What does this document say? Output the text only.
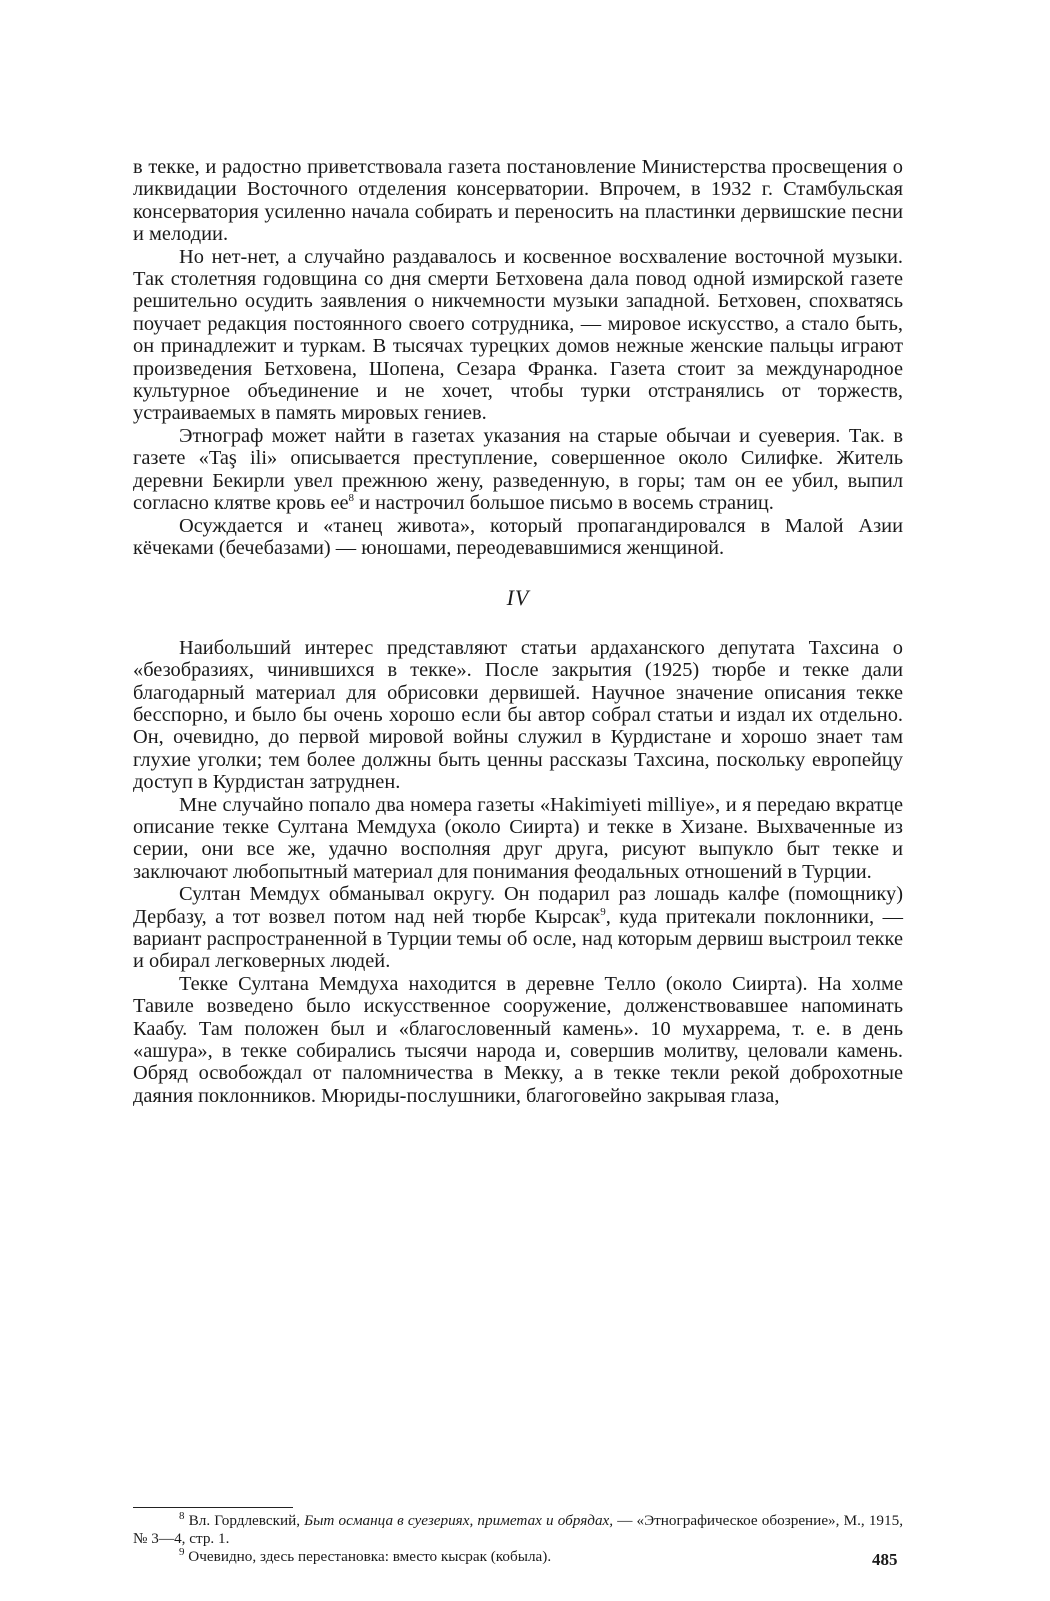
в текке, и радостно приветствовала газета постановление Министерства просвещения о ликвидации Восточного отделения консерватории. Впрочем, в 1932 г. Стамбульская консерватория усиленно начала собирать и переносить на пластинки дервишские песни и мелодии.

Но нет-нет, а случайно раздавалось и косвенное восхваление восточной музыки. Так столетняя годовщина со дня смерти Бетховена дала повод одной измирской газете решительно осудить заявления о никчемности музыки западной. Бетховен, спохватясь поучает редакция постоянного своего сотрудника, — мировое искусство, а стало быть, он принадлежит и туркам. В тысячах турецких домов нежные женские пальцы играют произведения Бетховена, Шопена, Сезара Франка. Газета стоит за международное культурное объединение и не хочет, чтобы турки отстранялись от торжеств, устраиваемых в память мировых гениев.

Этнограф может найти в газетах указания на старые обычаи и суеверия. Так. в газете «Taş ili» описывается преступление, совершенное около Силифке. Житель деревни Бекирли увел прежнюю жену, разведенную, в горы; там он ее убил, выпил согласно клятве кровь ее$^8$ и настрочил большое письмо в восемь страниц.

Осуждается и «танец живота», который пропагандировался в Малой Азии кёчеками (бечебазами) — юношами, переодевавшимися женщиной.

IV

Наибольший интерес представляют статьи ардаханского депутата Тахсина о «безобразиях, чинившихся в текке». После закрытия (1925) тюрбе и текке дали благодарный материал для обрисовки дервишей. Научное значение описания текке бесспорно, и было бы очень хорошо если бы автор собрал статьи и издал их отдельно. Он, очевидно, до первой мировой войны служил в Курдистане и хорошо знает там глухие уголки; тем более должны быть ценны рассказы Тахсина, поскольку европейцу доступ в Курдистан затруднен.

Мне случайно попало два номера газеты «Hakimiyeti milliye», и я передаю вкратце описание текке Султана Мемдуха (около Сиирта) и текке в Хизане. Выхваченные из серии, они все же, удачно восполняя друг друга, рисуют выпукло быт текке и заключают любопытный материал для понимания феодальных отношений в Турции.

Султан Мемдух обманывал округу. Он подарил раз лошадь калфе (помощнику) Дербазу, а тот возвел потом над ней тюрбе Кырсак$^9$, куда притекали поклонники, — вариант распространенной в Турции темы об осле, над которым дервиш выстроил текке и обирал легковерных людей.

Текке Султана Мемдуха находится в деревне Телло (около Сиирта). На холме Тавиле возведено было искусственное сооружение, долженствовавшее напоминать Каабу. Там положен был и «благословенный камень». 10 мухаррема, т. е. в день «ашура», в текке собирались тысячи народа и, совершив молитву, целовали камень. Обряд освобождал от паломничества в Мекку, а в текке текли рекой доброхотные даяния поклонников. Мюриды-послушники, благоговейно закрывая глаза,

$^8$ Вл. Гордлевский, Быт османца в суезериях, приметах и обрядах, — «Этнографическое обозрение», М., 1915, № 3—4, стр. 1.

$^9$ Очевидно, здесь перестановка: вместо кысрак (кобыла).	485
